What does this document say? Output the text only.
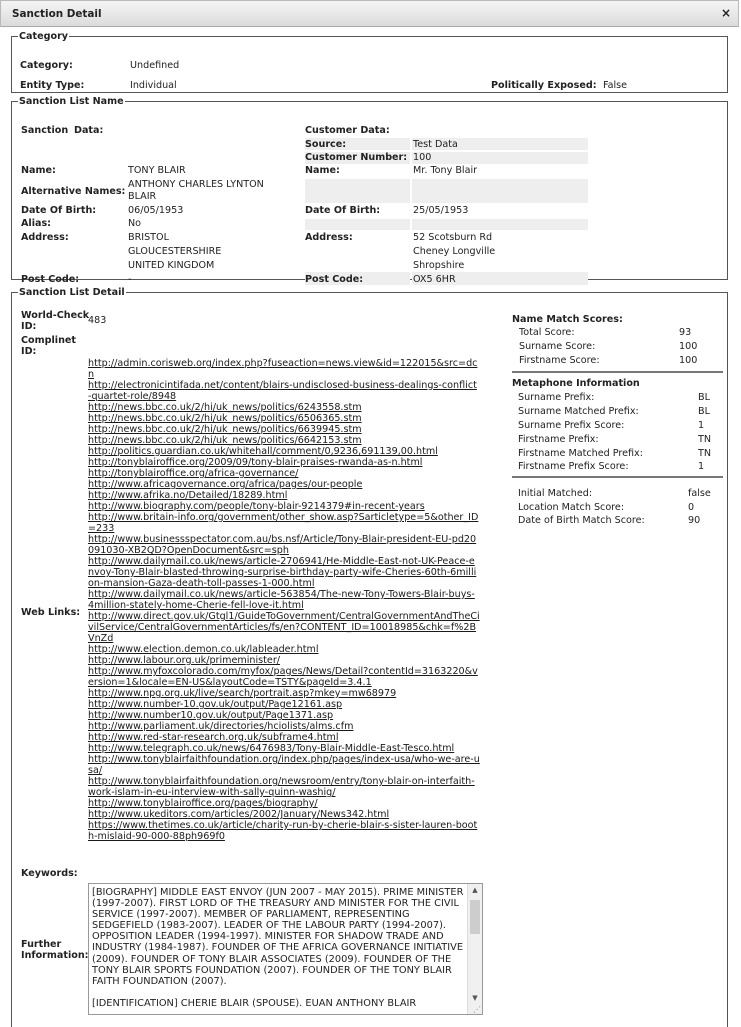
Sanction Detail	×
Category
Category:	Undefined
Entity Type:	Individual	Politically Exposed: False
Sanction List Name
Sanction Data:
Name:	TONY BLAIR
Alternative Names:
ANTHONY CHARLES LYNTON
BLAIR
Date Of Birth:	06/05/1953
Alias:	No
Address:	BRISTOL
GLOUCESTERSHIRE
UNITED KINGDOM
Post Code:	-
Customer Data:
Source:	Test Data
Customer Number: 100
Name:	Mr. Tony Blair
Date Of Birth:	25/05/1953
Address:	52 Scotsburn Rd
Cheney Longville
Shropshire
Post Code:	OX5 6HR
Sanction List Detail
World-Check
ID:
483
Complinet
ID:
Web Links:
http://admin.corisweb.org/index.php?fuseaction=news.view&id=122015&src=dcn
http://electronicintifada.net/content/blairs-undisclosed-business-dealings-conflict-quartet-role/8948
http://news.bbc.co.uk/2/hi/uk_news/politics/6243558.stm
http://news.bbc.co.uk/2/hi/uk_news/politics/6506365.stm
http://news.bbc.co.uk/2/hi/uk_news/politics/6639945.stm
http://news.bbc.co.uk/2/hi/uk_news/politics/6642153.stm
http://politics.guardian.co.uk/whitehall/comment/0,9236,691139,00.html
http://tonyblairoffice.org/2009/09/tony-blair-praises-rwanda-as-n.html
http://tonyblairoffice.org/africa-governance/
http://www.africagovernance.org/africa/pages/our-people
http://www.afrika.no/Detailed/18289.html
http://www.biography.com/people/tony-blair-9214379#in-recent-years
http://www.britain-info.org/government/other_show.asp?Sarticletype=5&other_ID=233
http://www.businessspectator.com.au/bs.nsf/Article/Tony-Blair-president-EU-pd20091030-XB2QD?OpenDocument&src=sph
http://www.dailymail.co.uk/news/article-2706941/He-Middle-East-not-UK-Peace-envoy-Tony-Blair-blasted-throwing-surprise-birthday-party-wife-Cheries-60th-6million-mansion-Gaza-death-toll-passes-1-000.html
http://www.dailymail.co.uk/news/article-563854/The-new-Tony-Towers-Blair-buys-4million-stately-home-Cherie-fell-love-it.html
http://www.direct.gov.uk/Gtgl1/GuideToGovernment/CentralGovernmentAndTheCivilService/CentralGovernmentArticles/fs/en?CONTENT_ID=10018985&chk=f%2BVnZd
http://www.election.demon.co.uk/lableader.html
http://www.labour.org.uk/primeminister/
http://www.myfoxcolorado.com/myfox/pages/News/Detail?contentId=3163220&version=1&locale=EN-US&layoutCode=TSTY&pageId=3.4.1
http://www.npg.org.uk/live/search/portrait.asp?mkey=mw68979
http://www.number-10.gov.uk/output/Page12161.asp
http://www.number10.gov.uk/output/Page1371.asp
http://www.parliament.uk/directories/hciolists/alms.cfm
http://www.red-star-research.org.uk/subframe4.html
http://www.telegraph.co.uk/news/6476983/Tony-Blair-Middle-East-Tesco.html
http://www.tonyblairfaithfoundation.org/index.php/pages/index-usa/who-we-are-usa/
http://www.tonyblairfaithfoundation.org/newsroom/entry/tony-blair-on-interfaith-work-islam-in-eu-interview-with-sally-quinn-washig/
http://www.tonyblairoffice.org/pages/biography/
http://www.ukeditors.com/articles/2002/January/News342.html
https://www.thetimes.co.uk/article/charity-run-by-cherie-blair-s-sister-lauren-booth-mislaid-90-000-88ph969f0
Keywords:
Further
Information:
[BIOGRAPHY] MIDDLE EAST ENVOY (JUN 2007 - MAY 2015). PRIME MINISTER (1997-2007). FIRST LORD OF THE TREASURY AND MINISTER FOR THE CIVIL SERVICE (1997-2007). MEMBER OF PARLIAMENT, REPRESENTING SEDGEFIELD (1983-2007). LEADER OF THE LABOUR PARTY (1994-2007). OPPOSITION LEADER (1994-1997). MINISTER FOR SHADOW TRADE AND INDUSTRY (1984-1987). FOUNDER OF THE AFRICA GOVERNANCE INITIATIVE (2009). FOUNDER OF TONY BLAIR ASSOCIATES (2009). FOUNDER OF THE TONY BLAIR SPORTS FOUNDATION (2007). FOUNDER OF THE TONY BLAIR FAITH FOUNDATION (2007).

[IDENTIFICATION] CHERIE BLAIR (SPOUSE). EUAN ANTHONY BLAIR
▲
▼
⋰
Name Match Scores:
Total Score:	93
Surname Score:	100
Firstname Score:	100
Metaphone Information
Surname Prefix:	BL
Surname Matched Prefix:	BL
Surname Prefix Score:	1
Firstname Prefix:	TN
Firstname Matched Prefix:	TN
Firstname Prefix Score:	1
Initial Matched:	false
Location Match Score:	0
Date of Birth Match Score:	90
